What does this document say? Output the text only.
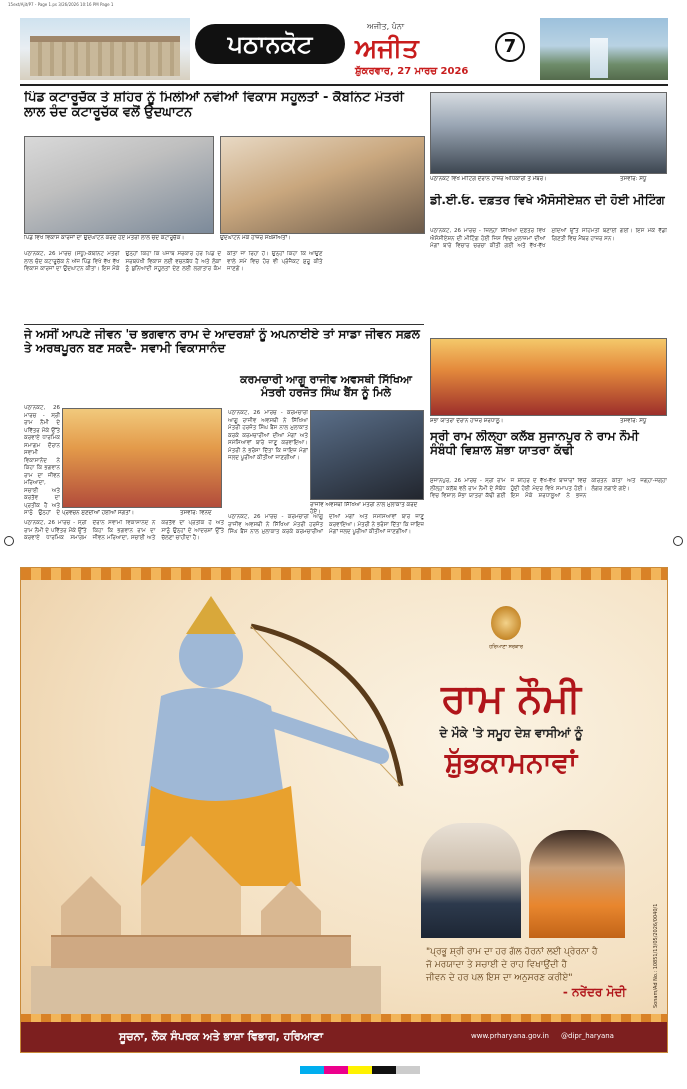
15ext/Ajit/P7 - Page 1.ps 3/26/2026 10:16 PM Page 1
ਪਠਾਨਕੋਟ	ਅਜੀਤ
ਅਜੀਤ, ਪੰਨਾ
ਸ਼ੁੱਕਰਵਾਰ, 27 ਮਾਰਚ 2026
7
ਪਿੰਡ ਕਟਾਰੂਚੱਕ ਤੇ ਸ਼ਹਿਰ ਨੂੰ ਮਿਲੀਆਂ ਨਵੀਆਂ ਵਿਕਾਸ ਸਹੂਲਤਾਂ - ਕੈਬਨਿਟ ਮੰਤਰੀ ਲਾਲ ਚੰਦ ਕਟਾਰੂਚੱਕ ਵਲੋਂ ਉਦਘਾਟਨ
ਪਿੰਡ ਵਿਖੇ ਵਿਕਾਸ ਕਾਰਜਾਂ ਦਾ ਉਦਘਾਟਨ ਕਰਦੇ ਹੋਏ ਮੰਤਰੀ ਲਾਲ ਚੰਦ ਕਟਾਰੂਚੱਕ।	ਉਦਘਾਟਨ ਮੌਕੇ ਹਾਜ਼ਰ ਸਖ਼ਸ਼ੀਅਤਾਂ।
ਪਠਾਨਕੋਟ, 26 ਮਾਰਚ (ਸੰਧੂ)-ਕੈਬਨਿਟ ਮੰਤਰੀ ਲਾਲ ਚੰਦ ਕਟਾਰੂਚੱਕ ਨੇ ਅੱਜ ਪਿੰਡ ਵਿਖੇ ਵੱਖ ਵੱਖ ਵਿਕਾਸ ਕਾਰਜਾਂ ਦਾ ਉਦਘਾਟਨ ਕੀਤਾ। ਇਸ ਮੌਕੇ ਉਨ੍ਹਾਂ ਕਿਹਾ ਕਿ ਪੰਜਾਬ ਸਰਕਾਰ ਹਰ ਪਿੰਡ ਦੇ ਸਰਬਪੱਖੀ ਵਿਕਾਸ ਲਈ ਵਚਨਬੱਧ ਹੈ ਅਤੇ ਲੋਕਾਂ ਨੂੰ ਬੁਨਿਆਦੀ ਸਹੂਲਤਾਂ ਦੇਣ ਲਈ ਲਗਾਤਾਰ ਕੰਮ ਕੀਤਾ ਜਾ ਰਿਹਾ ਹੈ। ਉਨ੍ਹਾਂ ਕਿਹਾ ਕਿ ਆਉਣ ਵਾਲੇ ਸਮੇਂ ਵਿਚ ਹੋਰ ਵੀ ਪ੍ਰੋਜੈਕਟ ਸ਼ੁਰੂ ਕੀਤੇ ਜਾਣਗੇ।
ਪਠਾਨਕੋਟ ਵਿਖੇ ਮੀਟਿੰਗ ਦੌਰਾਨ ਹਾਜ਼ਰ ਅਧਿਕਾਰੀ ਤੇ ਮੈਂਬਰ।	ਤਸਵੀਰ: ਸੰਧੂ
ਡੀ.ਈ.ਓ. ਦਫ਼ਤਰ ਵਿਖੇ ਐਸੋਸੀਏਸ਼ਨ ਦੀ ਹੋਈ ਮੀਟਿੰਗ
ਪਠਾਨਕੋਟ, 26 ਮਾਰਚ - ਜ਼ਿਲ੍ਹਾ ਸਿੱਖਿਆ ਦਫ਼ਤਰ ਵਿਖੇ ਐਸੋਸੀਏਸ਼ਨ ਦੀ ਮੀਟਿੰਗ ਹੋਈ ਜਿਸ ਵਿਚ ਮੁਲਾਜ਼ਮਾਂ ਦੀਆਂ ਮੰਗਾਂ ਬਾਰੇ ਵਿਚਾਰ ਚਰਚਾ ਕੀਤੀ ਗਈ ਅਤੇ ਵੱਖ-ਵੱਖ ਮੁੱਦਿਆਂ ਉੱਤੇ ਸਹਿਮਤੀ ਬਣਾਈ ਗਈ। ਇਸ ਮੌਕੇ ਵੱਡੀ ਗਿਣਤੀ ਵਿਚ ਮੈਂਬਰ ਹਾਜ਼ਰ ਸਨ।
ਜੇ ਅਸੀਂ ਆਪਣੇ ਜੀਵਨ 'ਚ ਭਗਵਾਨ ਰਾਮ ਦੇ ਆਦਰਸ਼ਾਂ ਨੂੰ ਅਪਨਾਈਏ ਤਾਂ ਸਾਡਾ ਜੀਵਨ ਸਫ਼ਲ ਤੇ ਅਰਥਪੂਰਨ ਬਣ ਸਕਦੈ- ਸਵਾਮੀ ਵਿਕਾਸਾਨੰਦ
ਪਠਾਨਕੋਟ, 26 ਮਾਰਚ - ਸ੍ਰੀ ਰਾਮ ਨੌਮੀ ਦੇ ਪਵਿੱਤਰ ਮੌਕੇ ਉੱਤੇ ਕਰਵਾਏ ਧਾਰਮਿਕ ਸਮਾਗਮ ਦੌਰਾਨ ਸਵਾਮੀ ਵਿਕਾਸਾਨੰਦ ਨੇ ਕਿਹਾ ਕਿ ਭਗਵਾਨ ਰਾਮ ਦਾ ਜੀਵਨ ਮਰਿਆਦਾ, ਸਚਾਈ ਅਤੇ ਕਰਤੱਵ ਦਾ ਪ੍ਰਤੀਕ ਹੈ ਅਤੇ ਸਾਨੂੰ ਉਨ੍ਹਾਂ ਦੇ ਪ੍ਰਵਚਨ ਸੁਣਦੀਆਂ ਹੋਈਆਂ ਸੰਗਤਾਂ।	ਤਸਵੀਰ: ਵਿਨੋਦ
ਪਠਾਨਕੋਟ, 26 ਮਾਰਚ - ਸ੍ਰੀ ਰਾਮ ਨੌਮੀ ਦੇ ਪਵਿੱਤਰ ਮੌਕੇ ਉੱਤੇ ਕਰਵਾਏ ਧਾਰਮਿਕ ਸਮਾਗਮ ਦੌਰਾਨ ਸਵਾਮੀ ਵਿਕਾਸਾਨੰਦ ਨੇ ਕਿਹਾ ਕਿ ਭਗਵਾਨ ਰਾਮ ਦਾ ਜੀਵਨ ਮਰਿਆਦਾ, ਸਚਾਈ ਅਤੇ ਕਰਤੱਵ ਦਾ ਪ੍ਰਤੀਕ ਹੈ ਅਤੇ ਸਾਨੂੰ ਉਨ੍ਹਾਂ ਦੇ ਆਦਰਸ਼ਾਂ ਉੱਤੇ ਚੱਲਣਾ ਚਾਹੀਦਾ ਹੈ।
ਕਰਮਚਾਰੀ ਆਗੂ ਰਾਜੀਵ ਅਵਸਥੀ ਸਿੱਖਿਆ ਮੰਤਰੀ ਹਰਜੋਤ ਸਿੰਘ ਬੈਂਸ ਨੂੰ ਮਿਲੇ
ਪਠਾਨਕੋਟ, 26 ਮਾਰਚ - ਕਰਮਚਾਰੀ ਆਗੂ ਰਾਜੀਵ ਅਵਸਥੀ ਨੇ ਸਿੱਖਿਆ ਮੰਤਰੀ ਹਰਜੋਤ ਸਿੰਘ ਬੈਂਸ ਨਾਲ ਮੁਲਾਕਾਤ ਕਰਕੇ ਕਰਮਚਾਰੀਆਂ ਦੀਆਂ ਮੰਗਾਂ ਅਤੇ ਸਮੱਸਿਆਵਾਂ ਬਾਰੇ ਜਾਣੂ ਕਰਵਾਇਆ। ਮੰਤਰੀ ਨੇ ਭਰੋਸਾ ਦਿੱਤਾ ਕਿ ਜਾਇਜ਼ ਮੰਗਾਂ ਜਲਦ ਪੂਰੀਆਂ ਕੀਤੀਆਂ ਜਾਣਗੀਆਂ।
ਰਾਜੀਵ ਅਵਸਥੀ ਸਿੱਖਿਆ ਮੰਤਰੀ ਨਾਲ ਮੁਲਾਕਾਤ ਕਰਦੇ ਹੋਏ।
ਪਠਾਨਕੋਟ, 26 ਮਾਰਚ - ਕਰਮਚਾਰੀ ਆਗੂ ਰਾਜੀਵ ਅਵਸਥੀ ਨੇ ਸਿੱਖਿਆ ਮੰਤਰੀ ਹਰਜੋਤ ਸਿੰਘ ਬੈਂਸ ਨਾਲ ਮੁਲਾਕਾਤ ਕਰਕੇ ਕਰਮਚਾਰੀਆਂ ਦੀਆਂ ਮੰਗਾਂ ਅਤੇ ਸਮੱਸਿਆਵਾਂ ਬਾਰੇ ਜਾਣੂ ਕਰਵਾਇਆ। ਮੰਤਰੀ ਨੇ ਭਰੋਸਾ ਦਿੱਤਾ ਕਿ ਜਾਇਜ਼ ਮੰਗਾਂ ਜਲਦ ਪੂਰੀਆਂ ਕੀਤੀਆਂ ਜਾਣਗੀਆਂ।
ਸ਼ੋਭਾ ਯਾਤਰਾ ਦੌਰਾਨ ਹਾਜ਼ਰ ਸ਼ਰਧਾਲੂ।	ਤਸਵੀਰ: ਸੰਧੂ
ਸ੍ਰੀ ਰਾਮ ਲੀਲ੍ਹਾ ਕਲੱਬ ਸੁਜਾਨਪੁਰ ਨੇ ਰਾਮ ਨੌਮੀ ਸੰਬੰਧੀ ਵਿਸ਼ਾਲ ਸ਼ੋਭਾ ਯਾਤਰਾ ਕੱਢੀ
ਸੁਜਾਨਪੁਰ, 26 ਮਾਰਚ - ਸ੍ਰੀ ਰਾਮ ਲੀਲ੍ਹਾ ਕਲੱਬ ਵਲੋਂ ਰਾਮ ਨੌਮੀ ਦੇ ਸੰਬੰਧ ਵਿਚ ਵਿਸ਼ਾਲ ਸ਼ੋਭਾ ਯਾਤਰਾ ਕੱਢੀ ਗਈ ਜੋ ਸ਼ਹਿਰ ਦੇ ਵੱਖ-ਵੱਖ ਬਾਜ਼ਾਰਾਂ ਵਿਚੋਂ ਹੁੰਦੀ ਹੋਈ ਮੰਦਰ ਵਿਖੇ ਸਮਾਪਤ ਹੋਈ। ਇਸ ਮੌਕੇ ਸ਼ਰਧਾਲੂਆਂ ਨੇ ਭਜਨ ਕੀਰਤਨ ਕੀਤਾ ਅਤੇ ਜਗ੍ਹਾ-ਜਗ੍ਹਾ ਲੰਗਰ ਲਗਾਏ ਗਏ।
ਹਰਿਆਣਾ ਸਰਕਾਰ
ਰਾਮ ਨੌਮੀ
ਦੇ ਮੌਕੇ 'ਤੇ ਸਮੂਹ ਦੇਸ਼ ਵਾਸੀਆਂ ਨੂੰ
ਸ਼ੁੱਭਕਾਮਨਾਵਾਂ
"ਪ੍ਰਭੂ ਸ਼੍ਰੀ ਰਾਮ ਦਾ ਹਰ ਗੱਲ ਹੋਰਨਾਂ ਲਈ ਪ੍ਰੇਰਨਾ ਹੈ
ਜੋ ਮਰਯਾਦਾ ਤੇ ਸਚਾਈ ਦੇ ਰਾਹ ਵਿਖਾਉਂਦੀ ਹੈ
ਜੀਵਨ ਦੇ ਹਰ ਪਲ ਇਸ ਦਾ ਅਨੁਸਰਣ ਕਰੀਏ"
- ਨਰੇਂਦਰ ਮੋਦੀ	Sonam/Ad No.: 10851/13/05/2026/0040/1
ਸੂਚਨਾ, ਲੋਕ ਸੰਪਰਕ ਅਤੇ ਭਾਸ਼ਾ ਵਿਭਾਗ, ਹਰਿਆਣਾ	www.prharyana.gov.in @dipr_haryana
